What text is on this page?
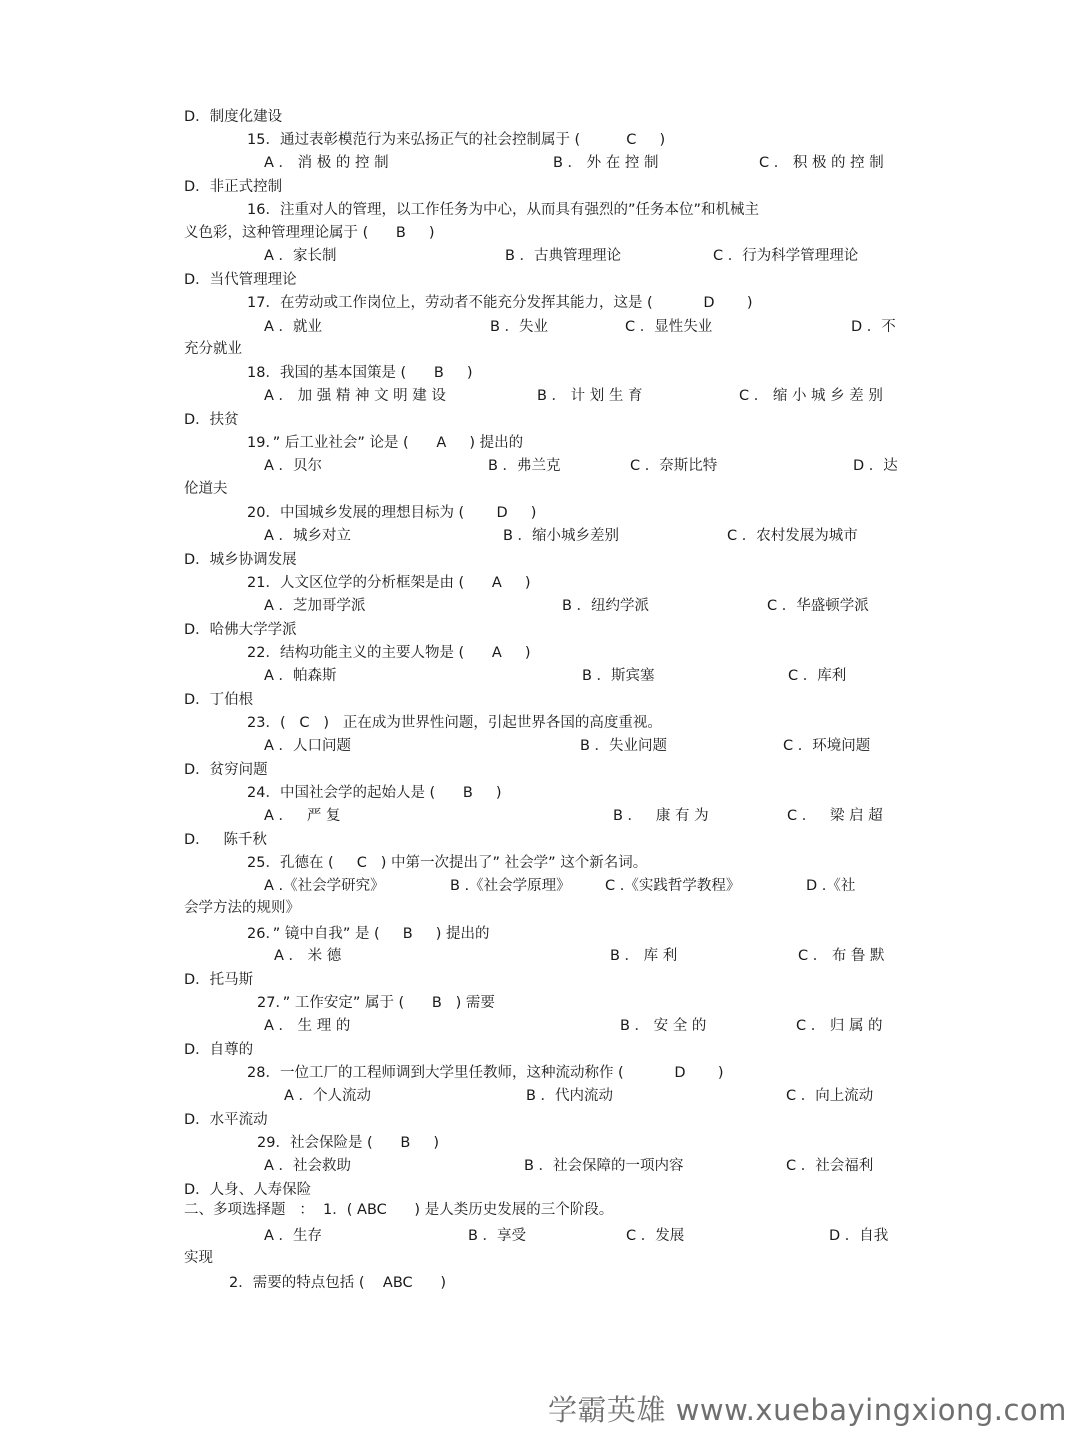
D．制度化建设
15．通过表彰模范行为来弘扬正气的社会控制属于 (          C     )
A ． 消 极 的 控 制	B ． 外 在 控 制	C ． 积 极 的 控 制
D．非正式控制
16．注重对人的管理，以工作任务为中心，从而具有强烈的”任务本位”和机械主
义色彩，这种管理理论属于 (      B     )
A ．家长制	B ．古典管理理论	C ．行为科学管理理论
D．当代管理理论
17．在劳动或工作岗位上，劳动者不能充分发挥其能力，这是 (           D       )
A ．就业	B ．失业	C ．显性失业	D ．不
充分就业
18．我国的基本国策是 (      B     )
A ． 加 强 精 神 文 明 建 设	B ． 计 划 生 育	C ． 缩 小 城 乡 差 别
D．扶贫
19．” 后工业社会” 论是 (      A     ) 提出的
A ．贝尔	B ．弗兰克	C ．奈斯比特	D ．达
伦道夫
20．中国城乡发展的理想目标为 (       D     )
A ．城乡对立	B ．缩小城乡差别	C ．农村发展为城市
D．城乡协调发展
21．人文区位学的分析框架是由 (      A     )
A ．芝加哥学派	B ．纽约学派	C ．华盛顿学派
D．哈佛大学学派
22．结构功能主义的主要人物是 (      A     )
A ．帕森斯	B ．斯宾塞	C ．库利
D．丁伯根
23．(   C   )   正在成为世界性问题，引起世界各国的高度重视。
A ．人口问题	B ．失业问题	C ．环境问题
D．贫穷问题
24．中国社会学的起始人是 (      B     )
A ．   严 复	B ．   康 有 为	C ．   梁 启 超
D．   陈千秋
25．孔德在 (     C   ) 中第一次提出了” 社会学” 这个新名词。
A .《社会学研究》	B .《社会学原理》 C .《实践哲学教程》	D .《社
会学方法的规则》
26．” 镜中自我” 是 (     B     ) 提出的
A ． 米 德	B ． 库 利	C ． 布 鲁 默
D．托马斯
27．” 工作安定” 属于 (      B   ) 需要
A ． 生 理 的	B ． 安 全 的	C ． 归 属 的
D．自尊的
28．一位工厂的工程师调到大学里任教师，这种流动称作 (           D       )
A ．个人流动	B ．代内流动	C ．向上流动
D．水平流动
29．社会保险是 (      B     )
A ．社会救助	B ．社会保障的一项内容	C ．社会福利
D．人身、人寿保险
二、多项选择题   ：  1．( ABC      ) 是人类历史发展的三个阶段。
A ．生存	B ．享受	C ．发展	D ．自我
实现
2．需要的特点包括 (    ABC      )
学霸英雄 www.xuebayingxiong.com
